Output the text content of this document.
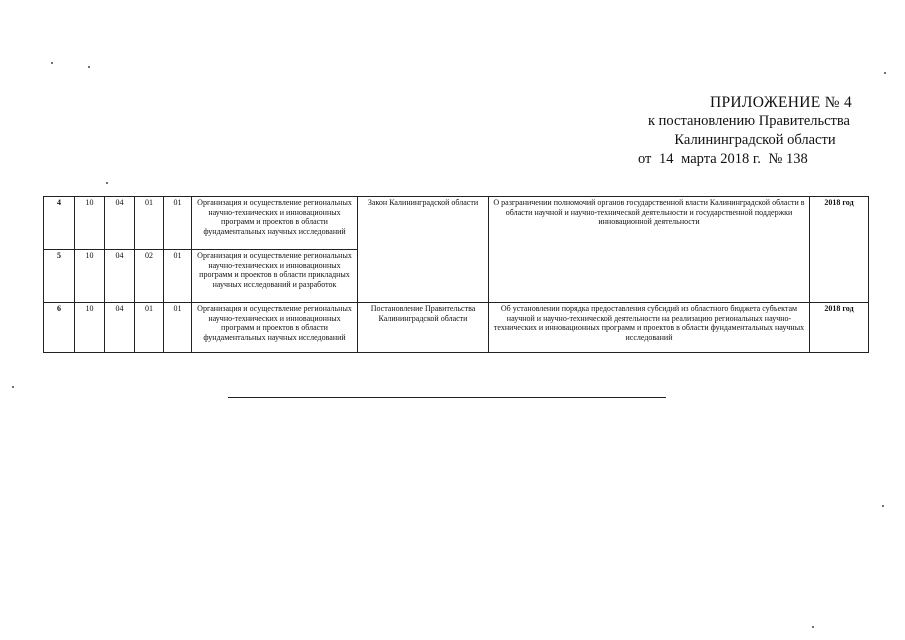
ПРИЛОЖЕНИЕ № 4
к постановлению Правительства
Калининградской области
от 14 марта 2018 г. № 138
4	10	04	01	01	Организация и осуществление региональных научно-технических и инновационных программ и проектов в области фундаментальных научных исследований	Закон Калининградской области	О разграничении полномочий органов государственной власти Калининградской области в области научной и научно-технической деятельности и государственной поддержки инновационной деятельности	2018 год
5	10	04	02	01	Организация и осуществление региональных научно-технических и инновационных программ и проектов в области прикладных научных исследований и разработок			
6	10	04	01	01	Организация и осуществление региональных научно-технических и инновационных программ и проектов в области фундаментальных научных исследований	Постановление Правительства Калининградской области	Об установлении порядка предоставления субсидий из областного бюджета субъектам научной и научно-технической деятельности на реализацию региональных научно-технических и инновационных программ и проектов в области фундаментальных научных исследований	2018 год
